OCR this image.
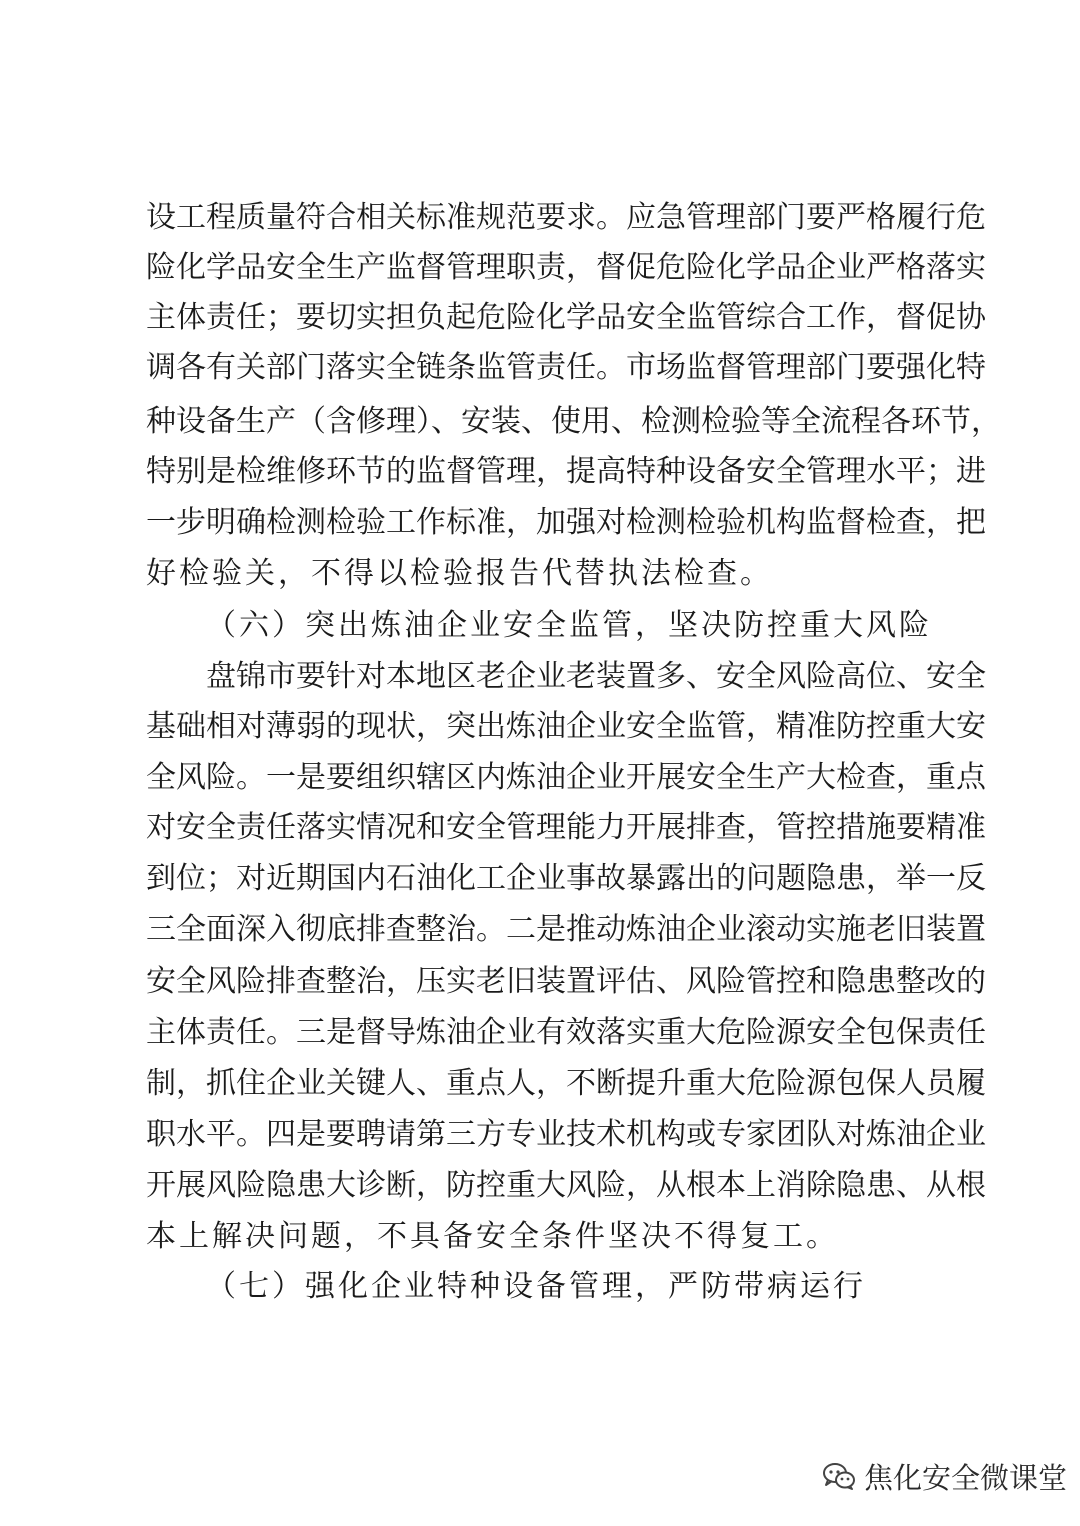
设工程质量符合相关标准规范要求。应急管理部门要严格履行危
险化学品安全生产监督管理职责，督促危险化学品企业严格落实
主体责任；要切实担负起危险化学品安全监管综合工作，督促协
调各有关部门落实全链条监管责任。市场监督管理部门要强化特
种设备生产（含修理）、安装、使用、检测检验等全流程各环节，
特别是检维修环节的监督管理，提高特种设备安全管理水平；进
一步明确检测检验工作标准，加强对检测检验机构监督检查，把
好检验关，不得以检验报告代替执法检查。
（六）突出炼油企业安全监管，坚决防控重大风险
盘锦市要针对本地区老企业老装置多、安全风险高位、安全
基础相对薄弱的现状，突出炼油企业安全监管，精准防控重大安
全风险。一是要组织辖区内炼油企业开展安全生产大检查，重点
对安全责任落实情况和安全管理能力开展排查，管控措施要精准
到位；对近期国内石油化工企业事故暴露出的问题隐患，举一反
三全面深入彻底排查整治。二是推动炼油企业滚动实施老旧装置
安全风险排查整治，压实老旧装置评估、风险管控和隐患整改的
主体责任。三是督导炼油企业有效落实重大危险源安全包保责任
制，抓住企业关键人、重点人，不断提升重大危险源包保人员履
职水平。四是要聘请第三方专业技术机构或专家团队对炼油企业
开展风险隐患大诊断，防控重大风险，从根本上消除隐患、从根
本上解决问题，不具备安全条件坚决不得复工。
（七）强化企业特种设备管理，严防带病运行
焦化安全微课堂
